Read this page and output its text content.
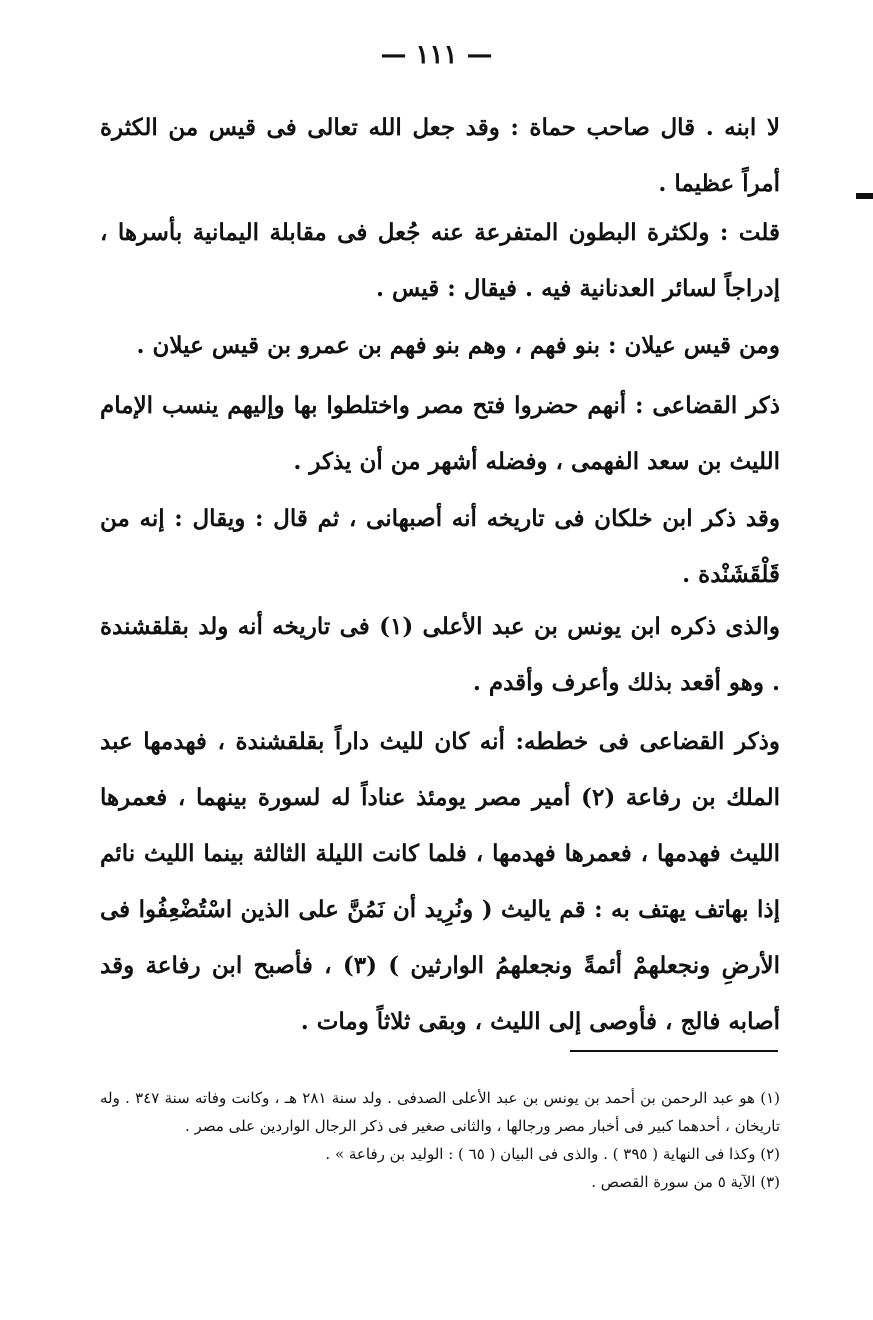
— ١١١ —

لا ابنه . قال صاحب حماة : وقد جعل الله تعالى فى قيس من الكثرة أمراً عظيما .

قلت : ولكثرة البطون المتفرعة عنه جُعل فى مقابلة اليمانية بأسرها ، إدراجاً لسائر العدنانية فيه . فيقال : قيس .

ومن قيس عيلان : بنو فهم ، وهم بنو فهم بن عمرو بن قيس عيلان .

ذكر القضاعى : أنهم حضروا فتح مصر واختلطوا بها وإليهم ينسب الإمام الليث بن سعد الفهمى ، وفضله أشهر من أن يذكر .

وقد ذكر ابن خلكان فى تاريخه أنه أصبهانى ، ثم قال : ويقال : إنه من قَلْقَشَنْدة .

والذى ذكره ابن يونس بن عبد الأعلى (١) فى تاريخه أنه ولد بقلقشندة . وهو أقعد بذلك وأعرف وأقدم .

وذكر القضاعى فى خططه: أنه كان لليث داراً بقلقشندة ، فهدمها عبد الملك بن رفاعة (٢) أمير مصر يومئذ عناداً له لسورة بينهما ، فعمرها الليث فهدمها ، فعمرها فهدمها ، فلما كانت الليلة الثالثة بينما الليث نائم إذا بهاتف يهتف به : قم ياليث ( ونُرِيد أن نَمُنَّ على الذين اسْتُضْعِفُوا فى الأرضِ ونجعلهمْ أئمةً ونجعلهمُ الوارثين ) (٣) ، فأصبح ابن رفاعة وقد أصابه فالج ، فأوصى إلى الليث ، وبقى ثلاثاً ومات .

(١) هو عبد الرحمن بن أحمد بن يونس بن عبد الأعلى الصدفى . ولد سنة ٢٨١ هـ ، وكانت وفاته سنة ٣٤٧ . وله تاريخان ، أحدهما كبير فى أخبار مصر ورجالها ، والثانى صغير فى ذكر الرجال الواردين على مصر .

(٢) وكذا فى النهاية ( ٣٩٥ ) . والذى فى البيان ( ٦٥ ) : الوليد بن رفاعة » .

(٣) الآية ٥ من سورة القصص .
